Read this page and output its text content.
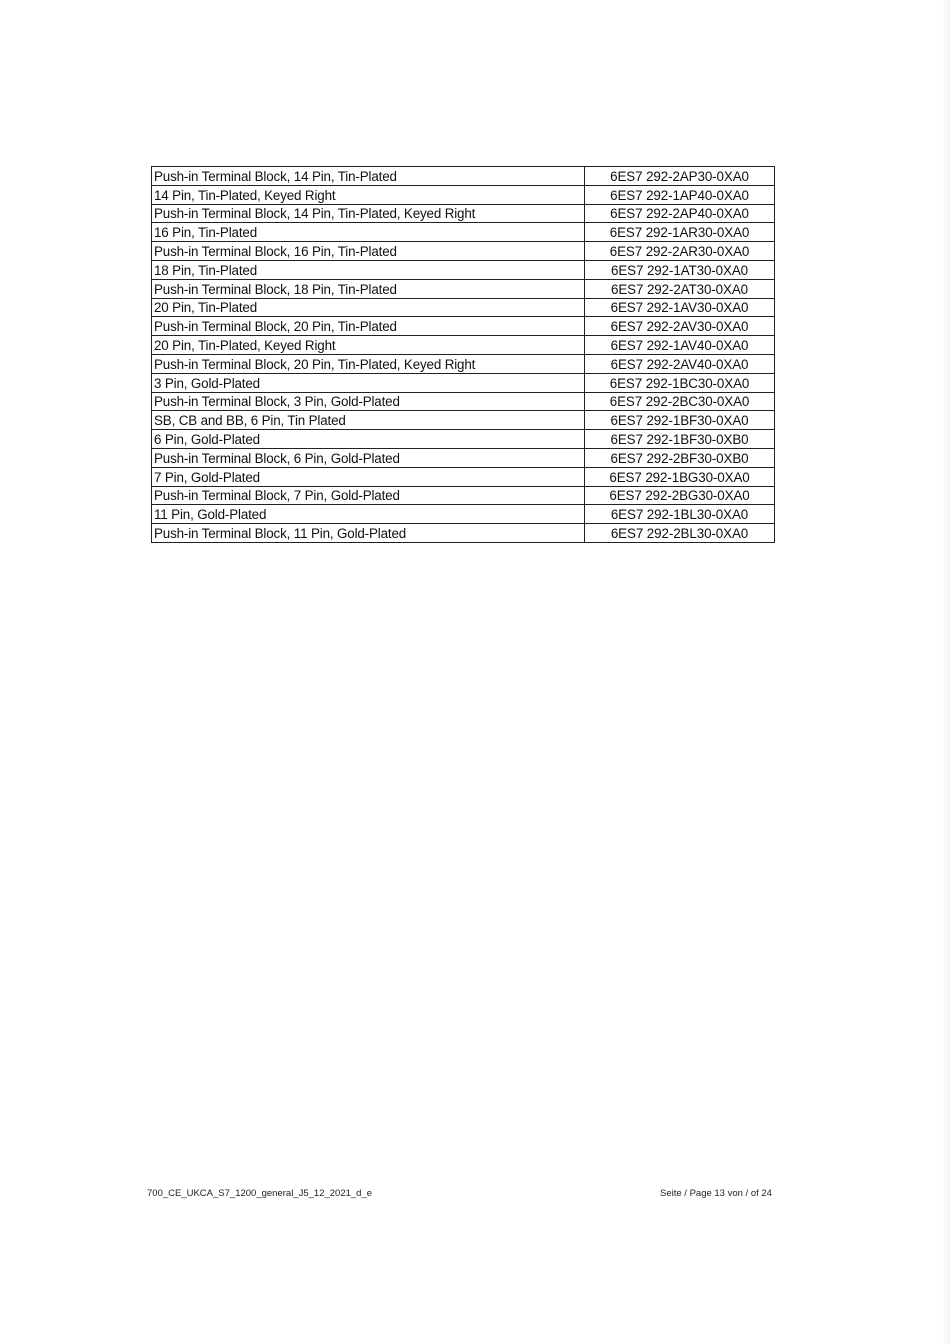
Push-in Terminal Block, 14 Pin, Tin-Plated	6ES7 292-2AP30-0XA0
14 Pin, Tin-Plated, Keyed Right	6ES7 292-1AP40-0XA0
Push-in Terminal Block, 14 Pin, Tin-Plated, Keyed Right	6ES7 292-2AP40-0XA0
16 Pin, Tin-Plated	6ES7 292-1AR30-0XA0
Push-in Terminal Block, 16 Pin, Tin-Plated	6ES7 292-2AR30-0XA0
18 Pin, Tin-Plated	6ES7 292-1AT30-0XA0
Push-in Terminal Block, 18 Pin, Tin-Plated	6ES7 292-2AT30-0XA0
20 Pin, Tin-Plated	6ES7 292-1AV30-0XA0
Push-in Terminal Block, 20 Pin, Tin-Plated	6ES7 292-2AV30-0XA0
20 Pin, Tin-Plated, Keyed Right	6ES7 292-1AV40-0XA0
Push-in Terminal Block, 20 Pin, Tin-Plated, Keyed Right	6ES7 292-2AV40-0XA0
3 Pin, Gold-Plated	6ES7 292-1BC30-0XA0
Push-in Terminal Block, 3 Pin, Gold-Plated	6ES7 292-2BC30-0XA0
SB, CB and BB, 6 Pin, Tin Plated	6ES7 292-1BF30-0XA0
6 Pin, Gold-Plated	6ES7 292-1BF30-0XB0
Push-in Terminal Block, 6 Pin, Gold-Plated	6ES7 292-2BF30-0XB0
7 Pin, Gold-Plated	6ES7 292-1BG30-0XA0
Push-in Terminal Block, 7 Pin, Gold-Plated	6ES7 292-2BG30-0XA0
11 Pin, Gold-Plated	6ES7 292-1BL30-0XA0
Push-in Terminal Block, 11 Pin, Gold-Plated	6ES7 292-2BL30-0XA0
700_CE_UKCA_S7_1200_general_J5_12_2021_d_e	Seite / Page 13 von / of 24
